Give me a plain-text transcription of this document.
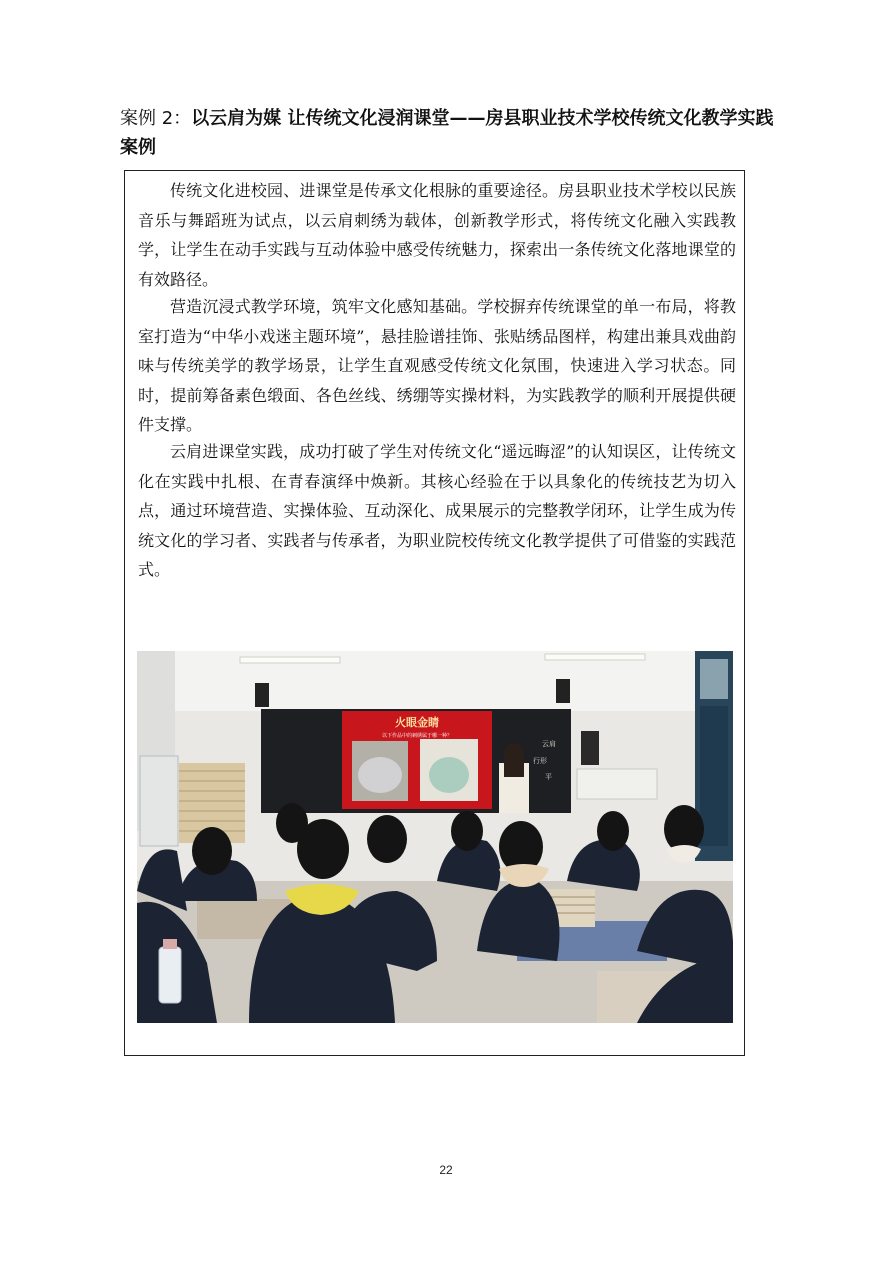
案例 2：以云肩为媒 让传统文化浸润课堂——房县职业技术学校传统文化教学实践案例

传统文化进校园、进课堂是传承文化根脉的重要途径。房县职业技术学校以民族音乐与舞蹈班为试点，以云肩刺绣为载体，创新教学形式，将传统文化融入实践教学，让学生在动手实践与互动体验中感受传统魅力，探索出一条传统文化落地课堂的有效路径。

营造沉浸式教学环境，筑牢文化感知基础。学校摒弃传统课堂的单一布局，将教室打造为“中华小戏迷主题环境”，悬挂脸谱挂饰、张贴绣品图样，构建出兼具戏曲韵味与传统美学的教学场景，让学生直观感受传统文化氛围，快速进入学习状态。同时，提前筹备素色缎面、各色丝线、绣绷等实操材料，为实践教学的顺利开展提供硬件支撑。

云肩进课堂实践，成功打破了学生对传统文化“遥远晦涩”的认知误区，让传统文化在实践中扎根、在青春演绎中焕新。其核心经验在于以具象化的传统技艺为切入点，通过环境营造、实操体验、互动深化、成果展示的完整教学闭环，让学生成为传统文化的学习者、实践者与传承者，为职业院校传统文化教学提供了可借鉴的实践范式。

火眼金睛
以下作品中的刺绣属于哪一种？
云肩
行形
平
22
